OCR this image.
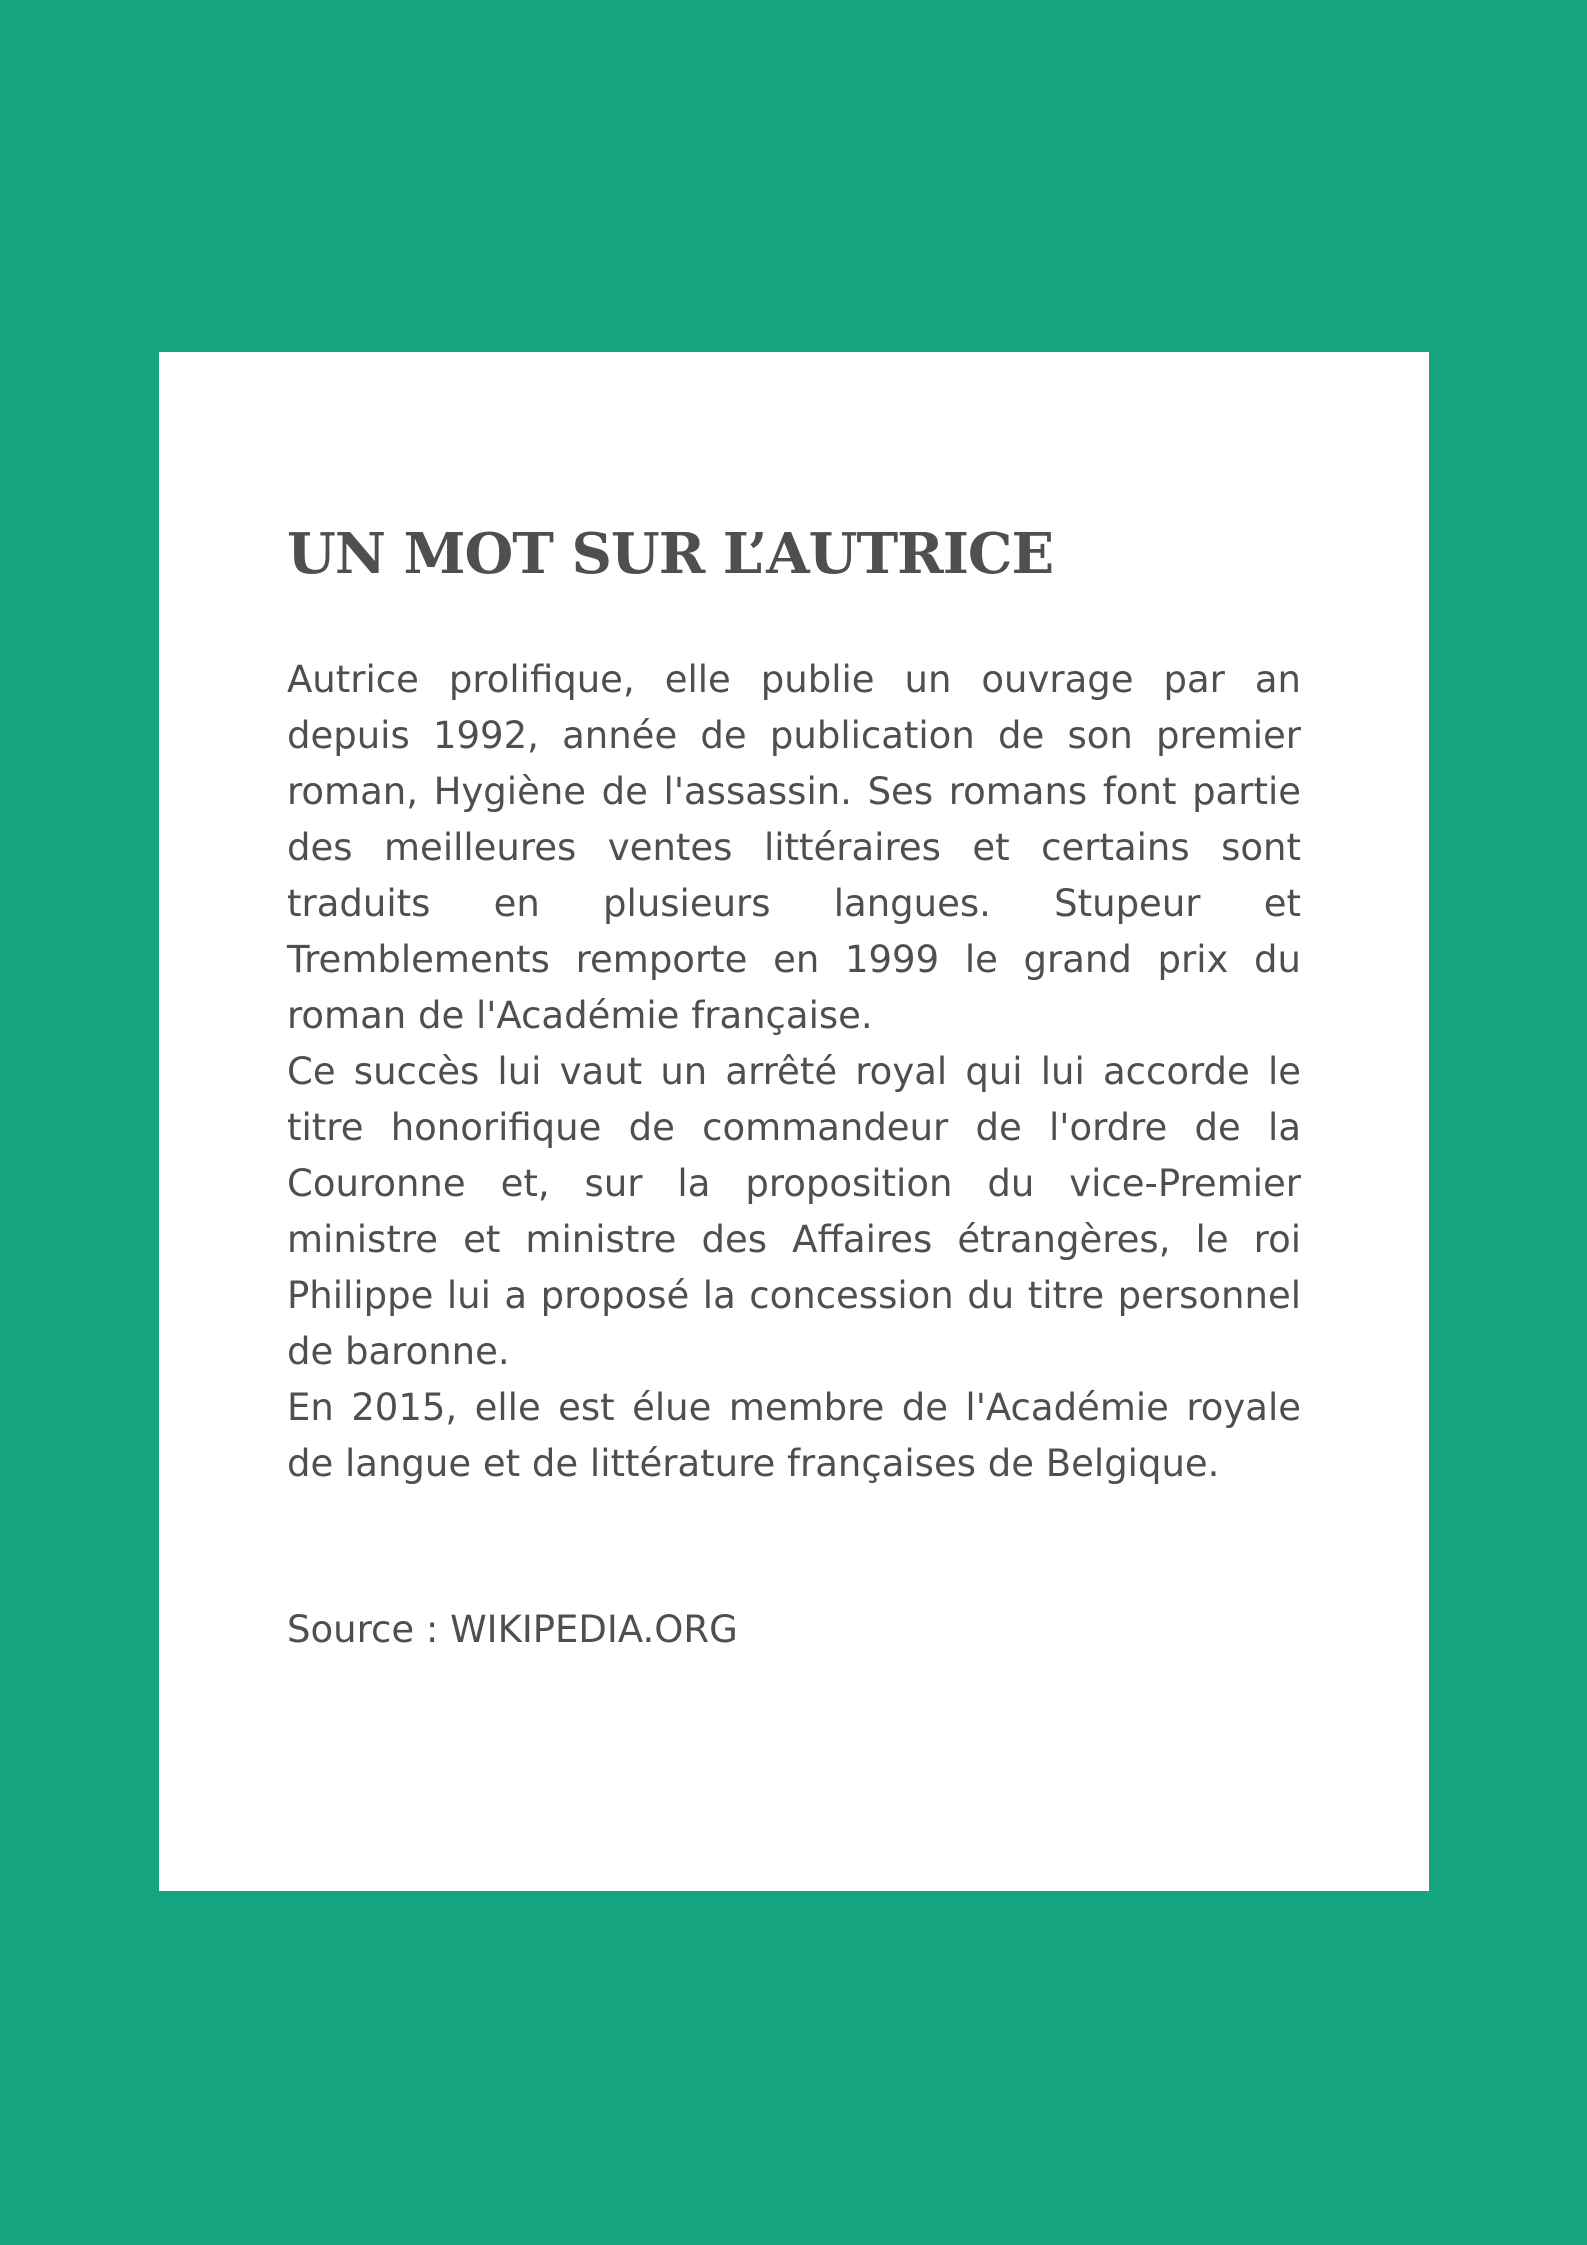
UN MOT SUR L’AUTRICE

Autrice prolifique, elle publie un ouvrage par an depuis 1992, année de publication de son premier roman, Hygiène de l'assassin. Ses romans font partie des meilleures ventes littéraires et certains sont traduits en plusieurs langues. Stupeur et Tremblements remporte en 1999 le grand prix du roman de l'Académie française.

Ce succès lui vaut un arrêté royal qui lui accorde le titre honorifique de commandeur de l'ordre de la Couronne et, sur la proposition du vice-Premier ministre et ministre des Affaires étrangères, le roi Philippe lui a proposé la concession du titre personnel de baronne.

En 2015, elle est élue membre de l'Académie royale de langue et de littérature françaises de Belgique.

Source : WIKIPEDIA.ORG
